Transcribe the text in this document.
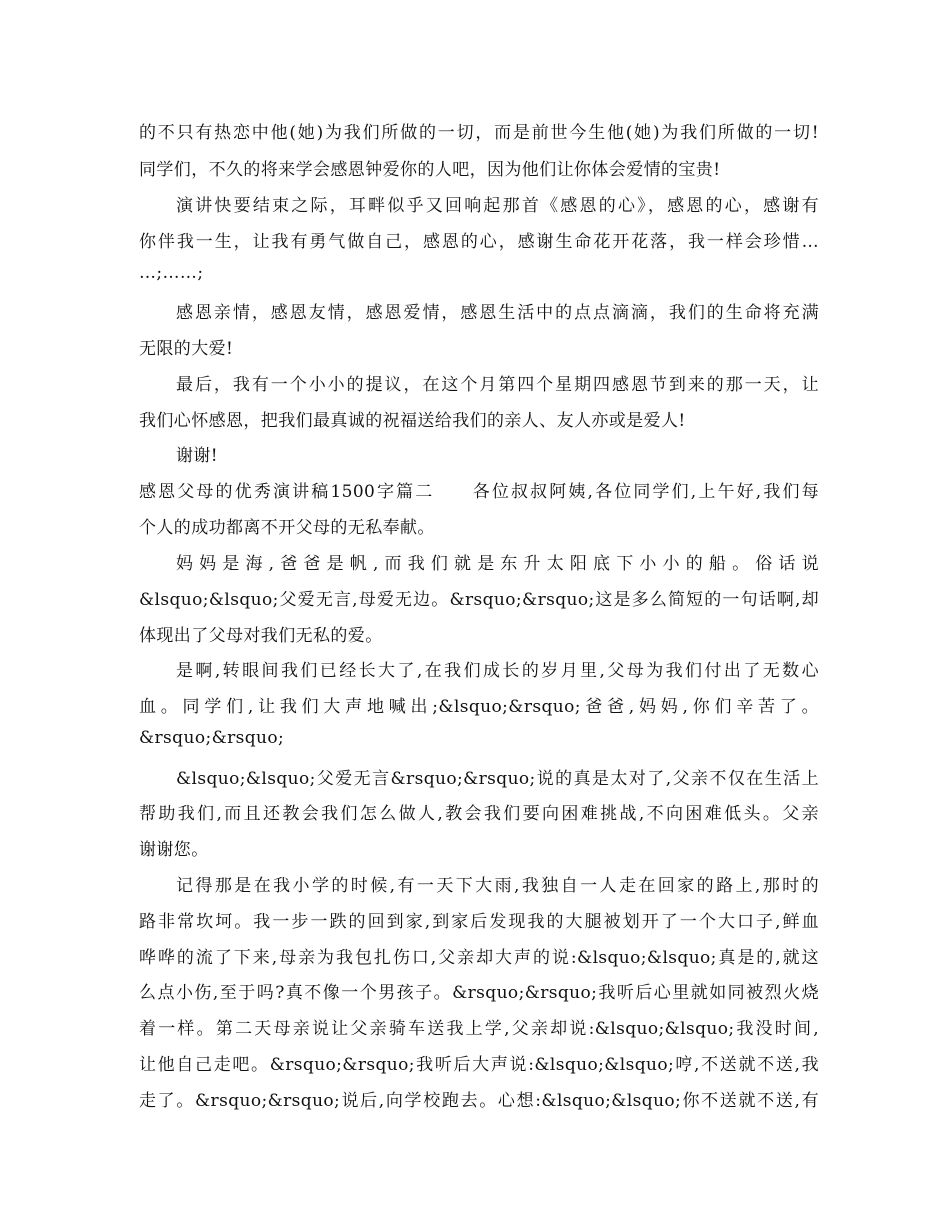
的不只有热恋中他(她)为我们所做的一切，而是前世今生他(她)为我们所做的一切!
同学们，不久的将来学会感恩钟爱你的人吧，因为他们让你体会爱情的宝贵!
演讲快要结束之际，耳畔似乎又回响起那首《感恩的心》，感恩的心，感谢有
你伴我一生，让我有勇气做自己，感恩的心，感谢生命花开花落，我一样会珍惜…
…;……;
感恩亲情，感恩友情，感恩爱情，感恩生活中的点点滴滴，我们的生命将充满
无限的大爱!
最后，我有一个小小的提议，在这个月第四个星期四感恩节到来的那一天，让
我们心怀感恩，把我们最真诚的祝福送给我们的亲人、友人亦或是爱人!
谢谢!
感恩父母的优秀演讲稿1500字篇二　　各位叔叔阿姨,各位同学们,上午好,我们每
个人的成功都离不开父母的无私奉献。
妈妈是海,爸爸是帆,而我们就是东升太阳底下小小的船。俗话说
&lsquo;&lsquo;父爱无言,母爱无边。&rsquo;&rsquo;这是多么简短的一句话啊,却
体现出了父母对我们无私的爱。
是啊,转眼间我们已经长大了,在我们成长的岁月里,父母为我们付出了无数心
血。同学们,让我们大声地喊出;&lsquo;&rsquo;爸爸,妈妈,你们辛苦了。
&rsquo;&rsquo;
&lsquo;&lsquo;父爱无言&rsquo;&rsquo;说的真是太对了,父亲不仅在生活上
帮助我们,而且还教会我们怎么做人,教会我们要向困难挑战,不向困难低头。父亲
谢谢您。
记得那是在我小学的时候,有一天下大雨,我独自一人走在回家的路上,那时的
路非常坎坷。我一步一跌的回到家,到家后发现我的大腿被划开了一个大口子,鲜血
哗哗的流了下来,母亲为我包扎伤口,父亲却大声的说:&lsquo;&lsquo;真是的,就这
么点小伤,至于吗?真不像一个男孩子。&rsquo;&rsquo;我听后心里就如同被烈火烧
着一样。第二天母亲说让父亲骑车送我上学,父亲却说:&lsquo;&lsquo;我没时间,
让他自己走吧。&rsquo;&rsquo;我听后大声说:&lsquo;&lsquo;哼,不送就不送,我
走了。&rsquo;&rsquo;说后,向学校跑去。心想:&lsquo;&lsquo;你不送就不送,有
